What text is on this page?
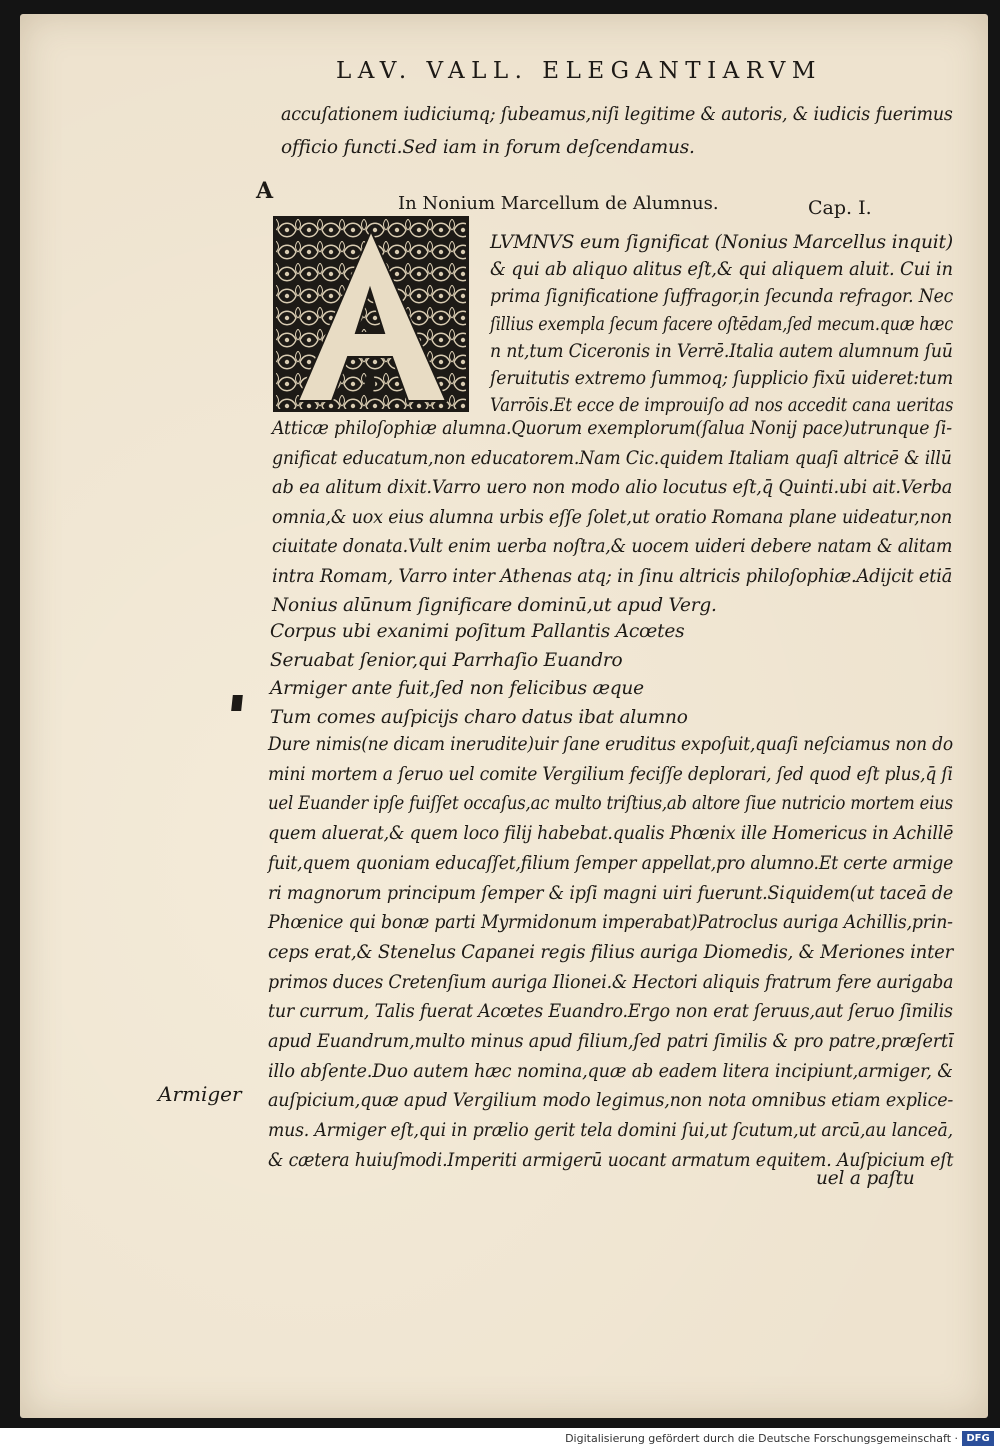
LAV. VALL. ELEGANTIARVM
accuſationem iudiciumq; ſubeamus,niſi legitime & autoris, & iudicis fuerimus
officio functi.Sed iam in forum deſcendamus.
A	In Nonium Marcellum de Alumnus.	Cap. I.
LVMNVS eum ſignificat (Nonius Marcellus inquit)
& qui ab aliquo alitus eſt,& qui aliquem aluit. Cui in
prima ſignificatione ſuffragor,in ſecunda refragor. Nec
ſillius exempla ſecum facere oſtēdam,ſed mecum.quæ hæc
n nt,tum Ciceronis in Verrē.Italia autem alumnum ſuū
ſeruitutis extremo ſummoq; ſupplicio fixū uideret:tum
Varrōis.Et ecce de improuiſo ad nos accedit cana ueritas
Atticæ philoſophiæ alumna.Quorum exemplorum(ſalua Nonij pace)utrunque ſi-
gnificat educatum,non educatorem.Nam Cic.quidem Italiam quaſi altricē & illū
ab ea alitum dixit.Varro uero non modo alio locutus eſt,q̄ Quinti.ubi ait.Verba
omnia,& uox eius alumna urbis eſſe ſolet,ut oratio Romana plane uideatur,non
ciuitate donata.Vult enim uerba noſtra,& uocem uideri debere natam & alitam
intra Romam, Varro inter Athenas atq; in ſinu altricis philoſophiæ.Adijcit etiā
Nonius alūnum ſignificare dominū,ut apud Verg.
Corpus ubi exanimi poſitum Pallantis Acœtes
Seruabat ſenior,qui Parrhaſio Euandro
Armiger ante fuit,ſed non felicibus æque
Tum comes auſpicijs charo datus ibat alumno
Dure nimis(ne dicam inerudite)uir ſane eruditus expoſuit,quaſi neſciamus non do
mini mortem a ſeruo uel comite Vergilium feciſſe deplorari, ſed quod eſt plus,q̄ ſi
uel Euander ipſe fuiſſet occaſus,ac multo triſtius,ab altore ſiue nutricio mortem eius
quem aluerat,& quem loco filij habebat.qualis Phœnix ille Homericus in Achillē
fuit,quem quoniam educaſſet,filium ſemper appellat,pro alumno.Et certe armige
ri magnorum principum ſemper & ipſi magni uiri fuerunt.Siquidem(ut taceā de
Phœnice qui bonæ parti Myrmidonum imperabat)Patroclus auriga Achillis,prin-
ceps erat,& Stenelus Capanei regis filius auriga Diomedis, & Meriones inter
primos duces Cretenſium auriga Ilionei.& Hectori aliquis fratrum fere aurigaba
tur currum, Talis fuerat Acœtes Euandro.Ergo non erat ſeruus,aut ſeruo ſimilis
apud Euandrum,multo minus apud filium,ſed patri ſimilis & pro patre,præſertī
illo abſente.Duo autem hæc nomina,quæ ab eadem litera incipiunt,armiger, &
auſpicium,quæ apud Vergilium modo legimus,non nota omnibus etiam explice-
mus. Armiger eſt,qui in prælio gerit tela domini ſui,ut ſcutum,ut arcū,au lanceā,
& cætera huiuſmodi.Imperiti armigerū uocant armatum equitem. Auſpicium eſt
uel a paſtu
Armiger
Digitalisierung gefördert durch die Deutsche Forschungsgemeinschaft · DFG
